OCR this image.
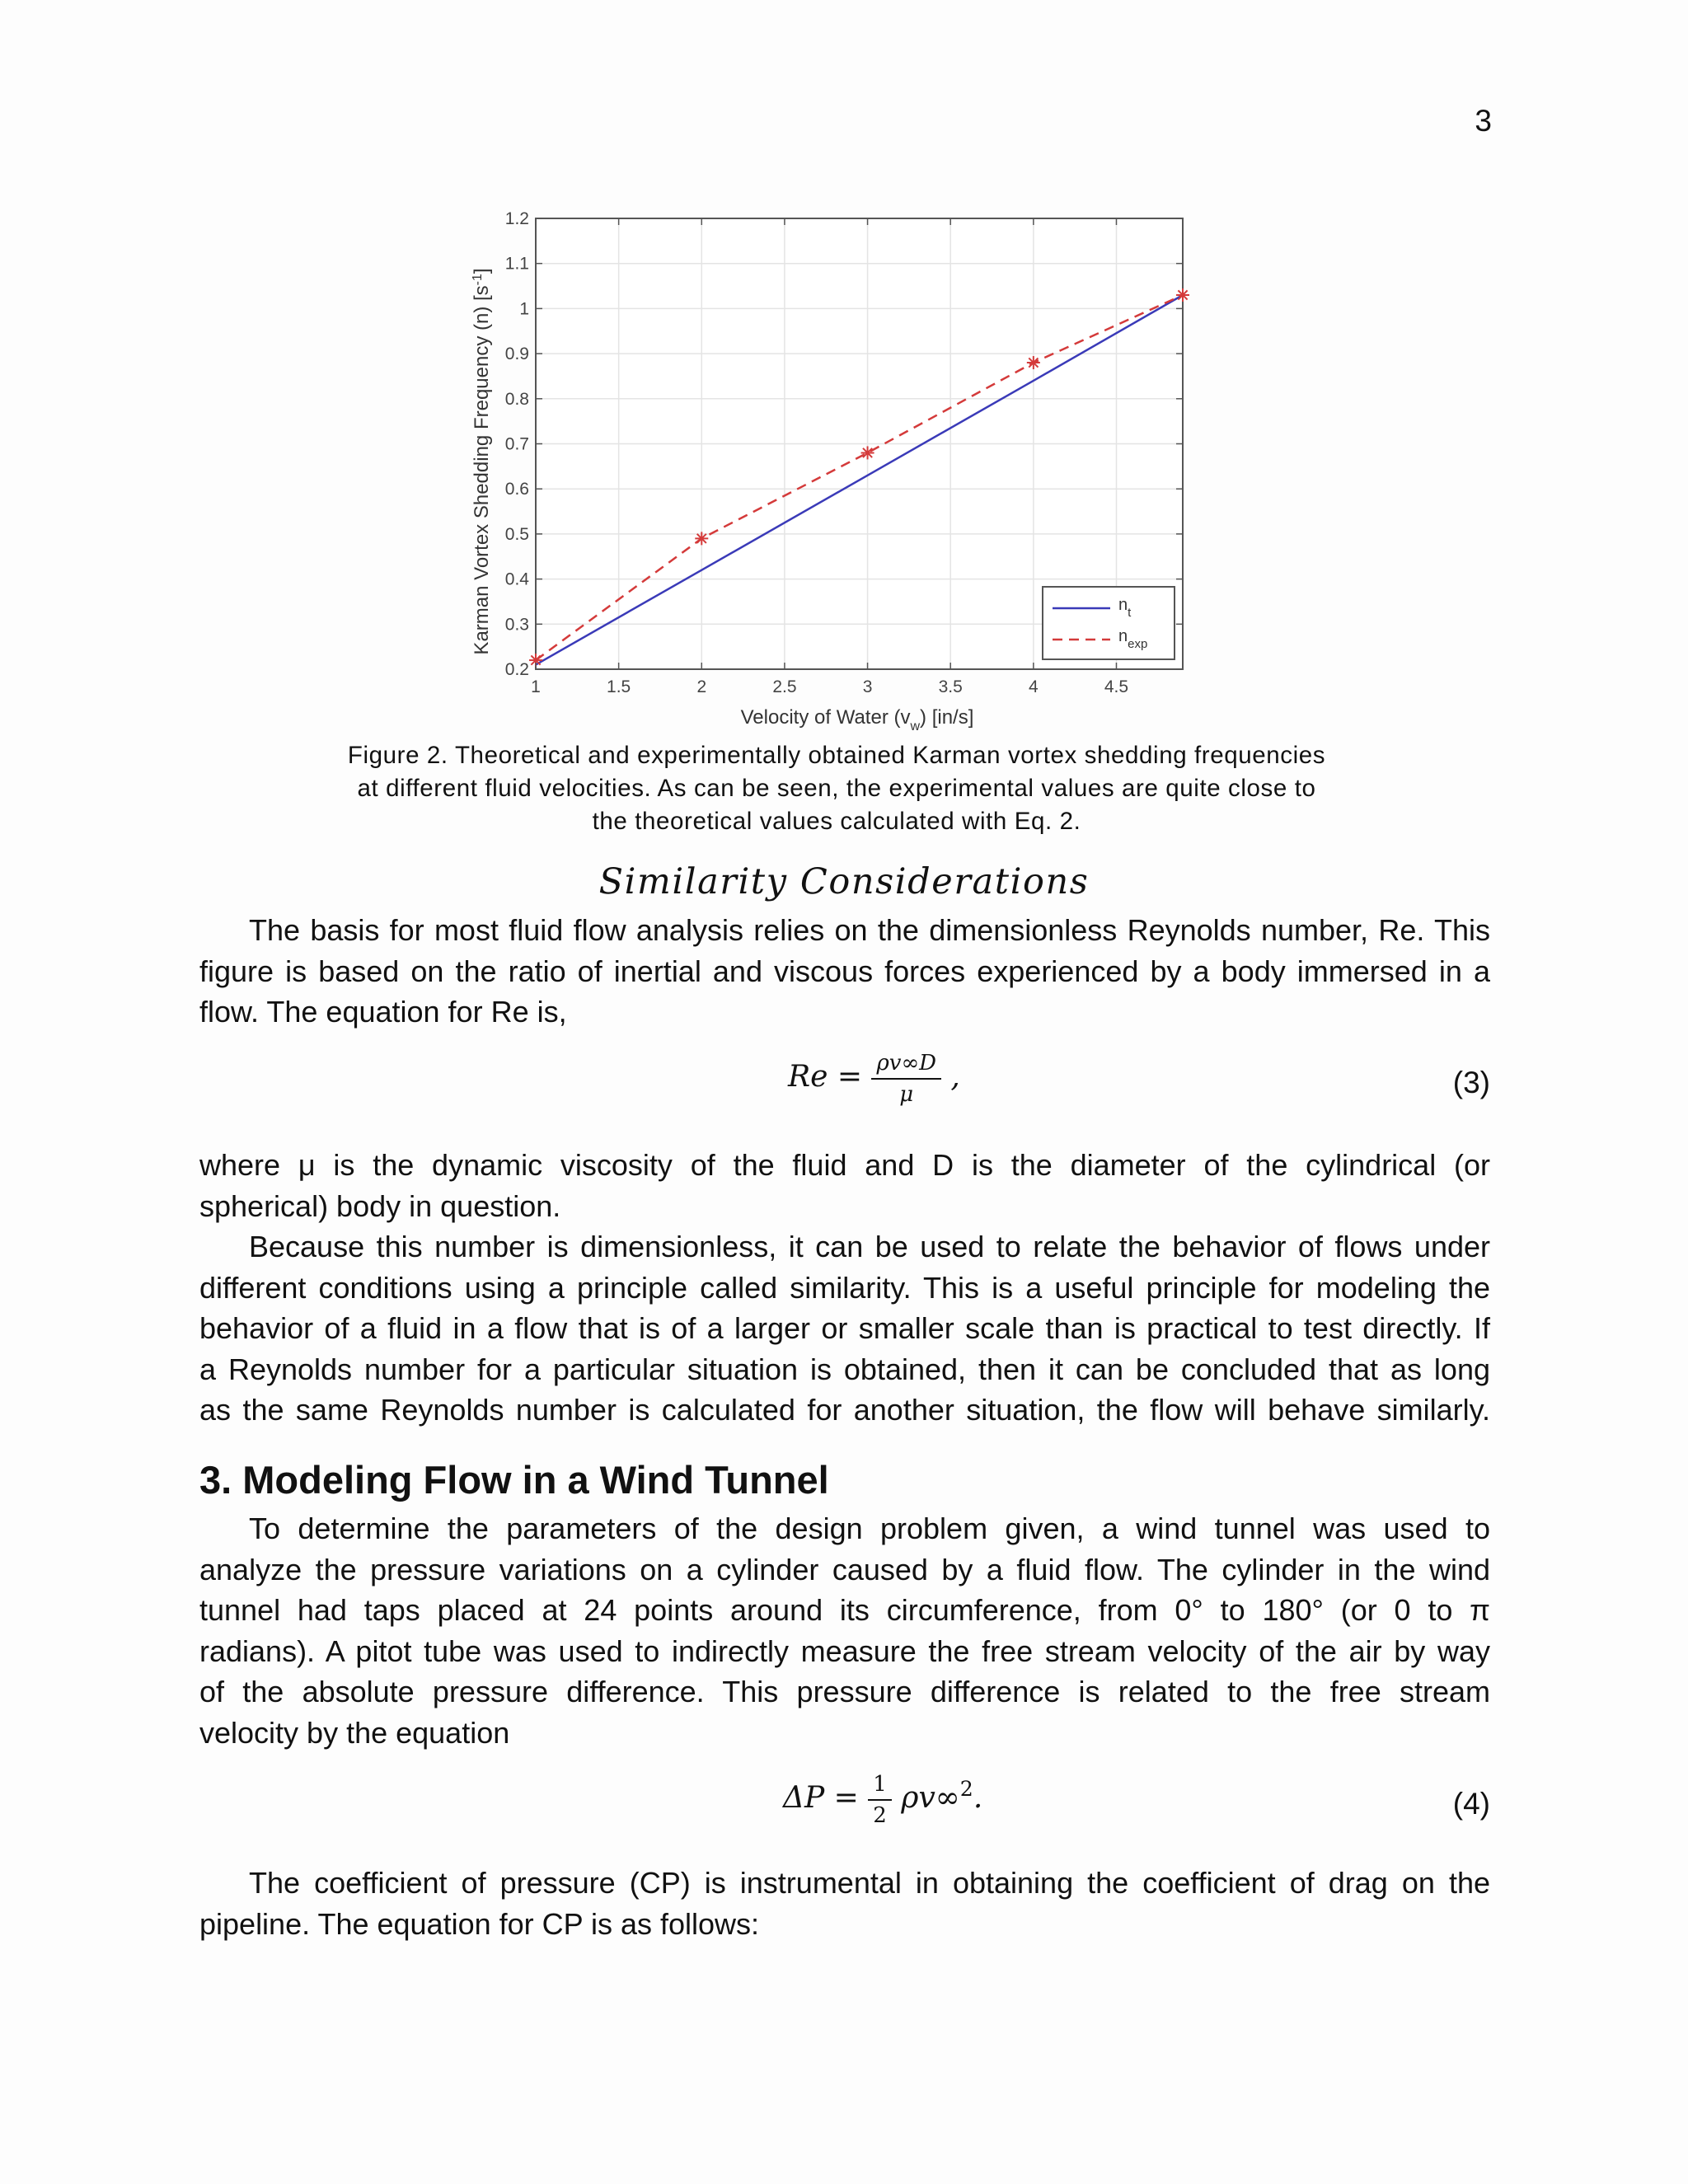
3
1	1.5	2	2.5	3	3.5	4	4.5
0.2
0.3
0.4
0.5
0.6
0.7
0.8
0.9
1
1.1
1.2
$n_t$
$n_{exp}$
Velocity of Water $(v_w)$ [in/s]
Karman Vortex Shedding Frequency (n) $[s^{-1}]$
Figure 2. Theoretical and experimentally obtained Karman vortex shedding frequencies
at different fluid velocities. As can be seen, the experimental values are quite close to
the theoretical values calculated with Eq. 2.
Similarity Considerations
The basis for most fluid flow analysis relies on the dimensionless Reynolds number, Re. This
figure is based on the ratio of inertial and viscous forces experienced by a body immersed in a
flow. The equation for Re is,
$Re = \frac{\rho v\infty D}{\mu}$ ,	(3)
where μ is the dynamic viscosity of the fluid and D is the diameter of the cylindrical (or
spherical) body in question.
Because this number is dimensionless, it can be used to relate the behavior of flows under
different conditions using a principle called similarity. This is a useful principle for modeling the
behavior of a fluid in a flow that is of a larger or smaller scale than is practical to test directly. If
a Reynolds number for a particular situation is obtained, then it can be concluded that as long
as the same Reynolds number is calculated for another situation, the flow will behave similarly.
3. Modeling Flow in a Wind Tunnel
To determine the parameters of the design problem given, a wind tunnel was used to
analyze the pressure variations on a cylinder caused by a fluid flow. The cylinder in the wind
tunnel had taps placed at 24 points around its circumference, from 0° to 180° (or 0 to π
radians). A pitot tube was used to indirectly measure the free stream velocity of the air by way
of the absolute pressure difference. This pressure difference is related to the free stream
velocity by the equation
$\Delta P = \frac{1}{2} \rho v\infty^2$.	(4)
The coefficient of pressure (CP) is instrumental in obtaining the coefficient of drag on the
pipeline. The equation for CP is as follows:
